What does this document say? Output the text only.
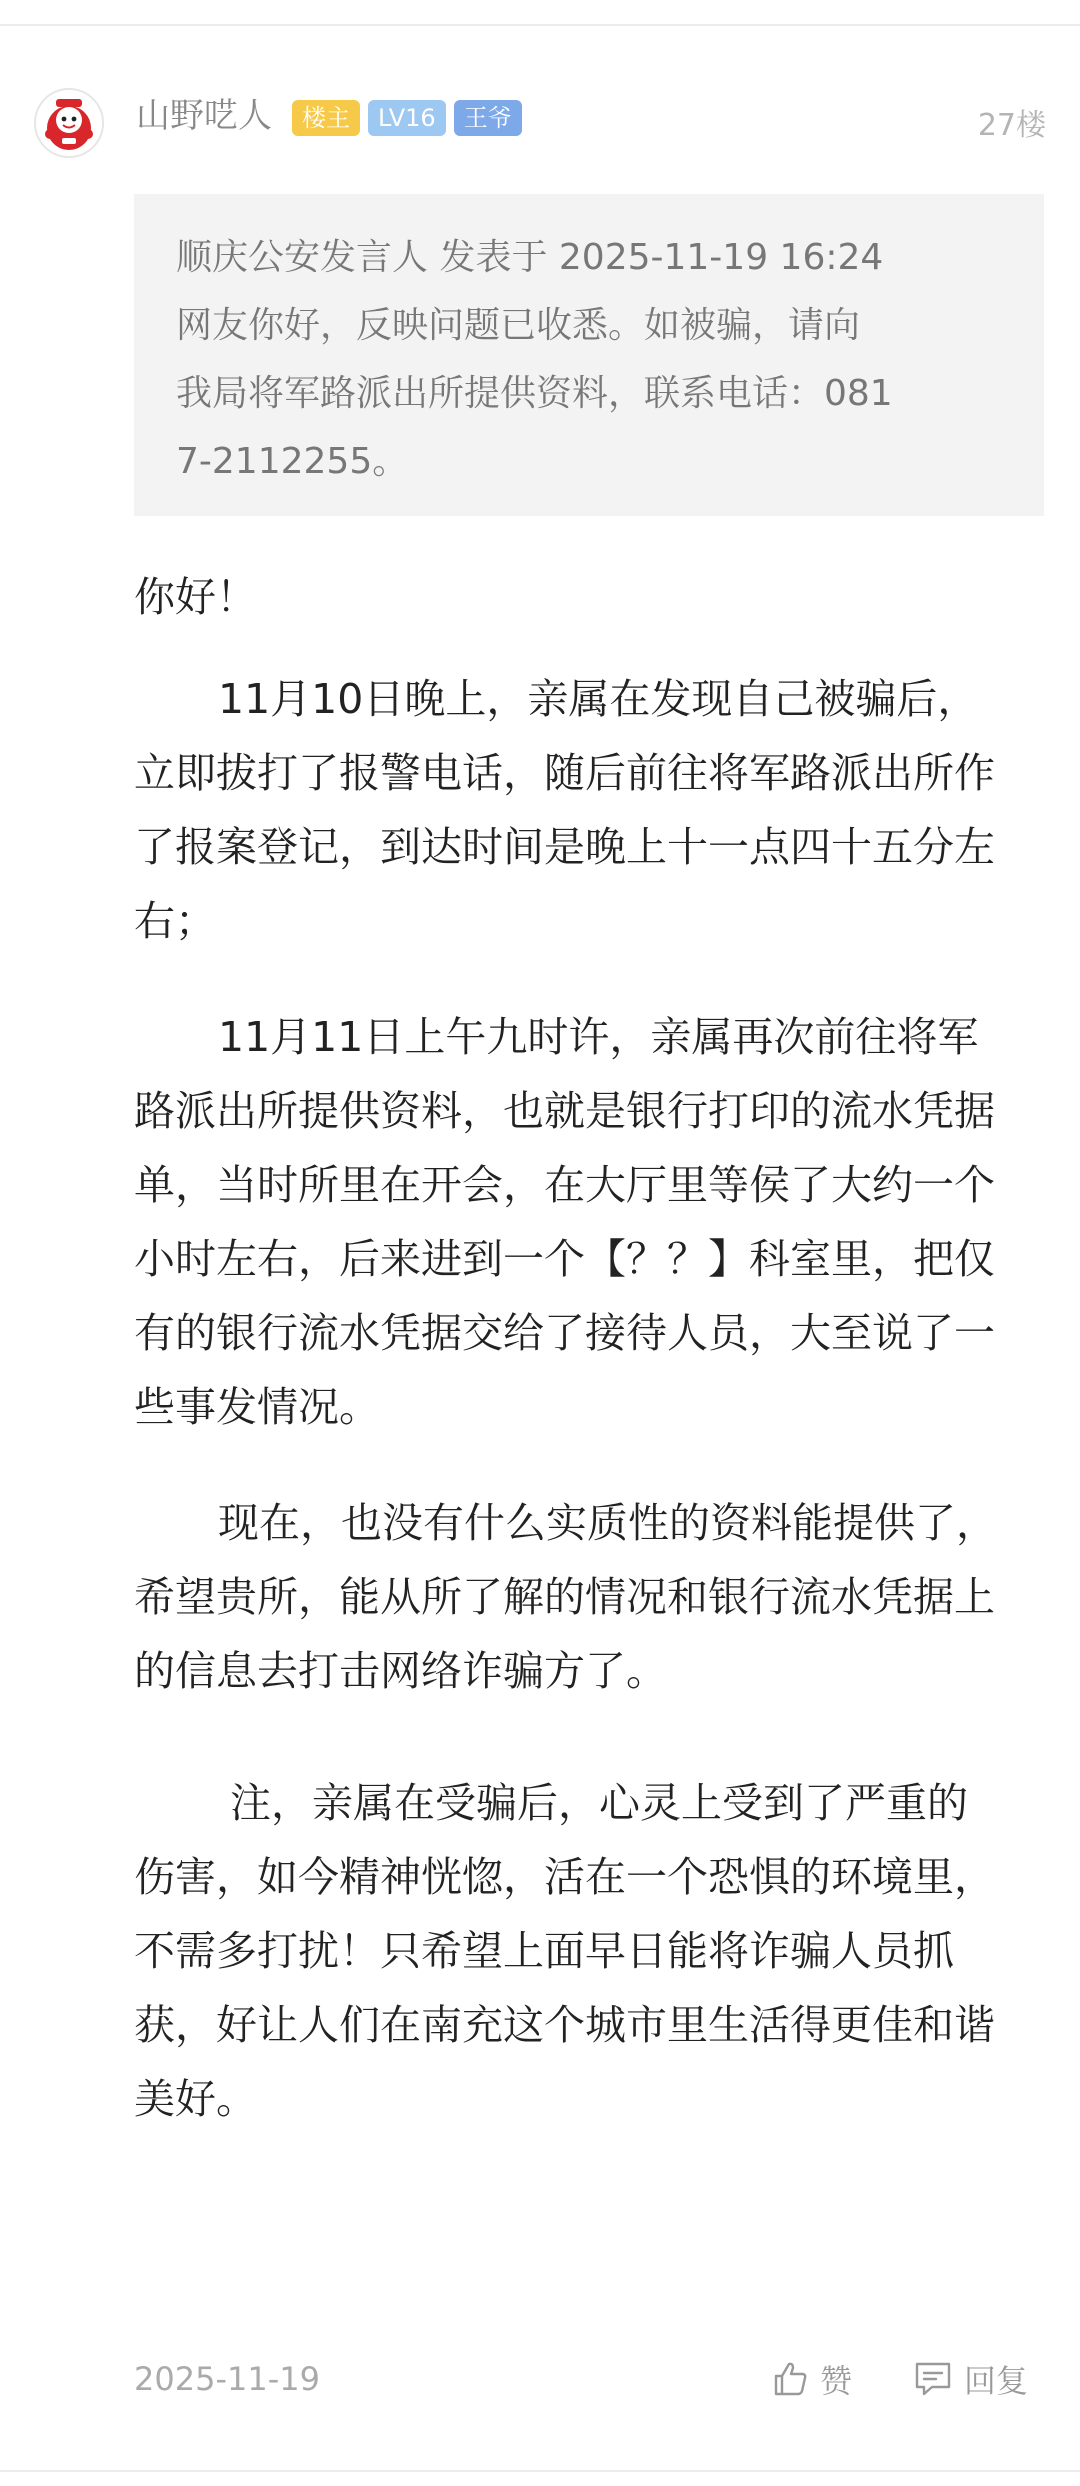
山野呓人	楼主	LV16	王爷	27楼

顺庆公安发言人 发表于 2025-11-19 16:24

网友你好，反映问题已收悉。如被骗，请向

我局将军路派出所提供资料，联系电话：081

7-2112255。

你好！

11月10日晚上，亲属在发现自己被骗后，立即拔打了报警电话，随后前往将军路派出所作了报案登记，到达时间是晚上十一点四十五分左右；

11月11日上午九时许，亲属再次前往将军路派出所提供资料，也就是银行打印的流水凭据单，当时所里在开会，在大厅里等侯了大约一个小时左右，后来进到一个【？？】科室里，把仅有的银行流水凭据交给了接待人员，大至说了一些事发情况。

现在，也没有什么实质性的资料能提供了，希望贵所，能从所了解的情况和银行流水凭据上的信息去打击网络诈骗方了。

注，亲属在受骗后，心灵上受到了严重的伤害，如今精神恍惚，活在一个恐惧的环境里，不需多打扰！只希望上面早日能将诈骗人员抓获，好让人们在南充这个城市里生活得更佳和谐美好。

2025-11-19	赞	回复
